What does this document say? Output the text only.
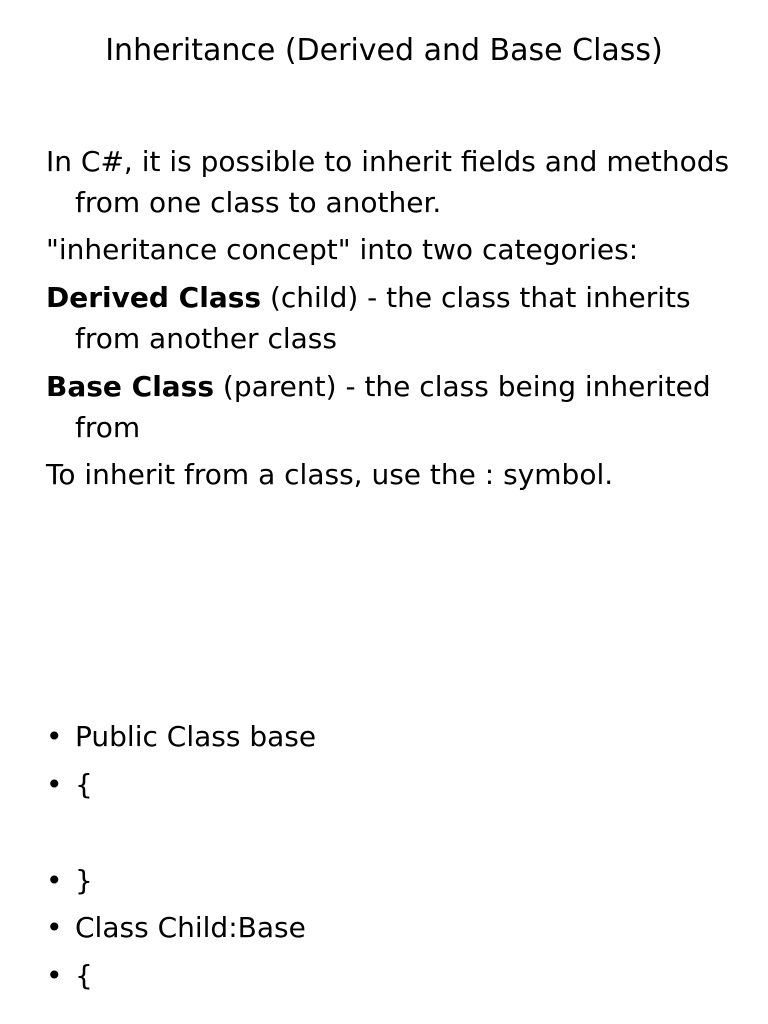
Inheritance (Derived and Base Class)
In C#, it is possible to inherit fields and methods
from one class to another.
"inheritance concept" into two categories:
Derived Class (child) - the class that inherits
from another class
Base Class (parent) - the class being inherited
from
To inherit from a class, use the : symbol.
• Public Class base
• {
• }
• Class Child:Base
• {
